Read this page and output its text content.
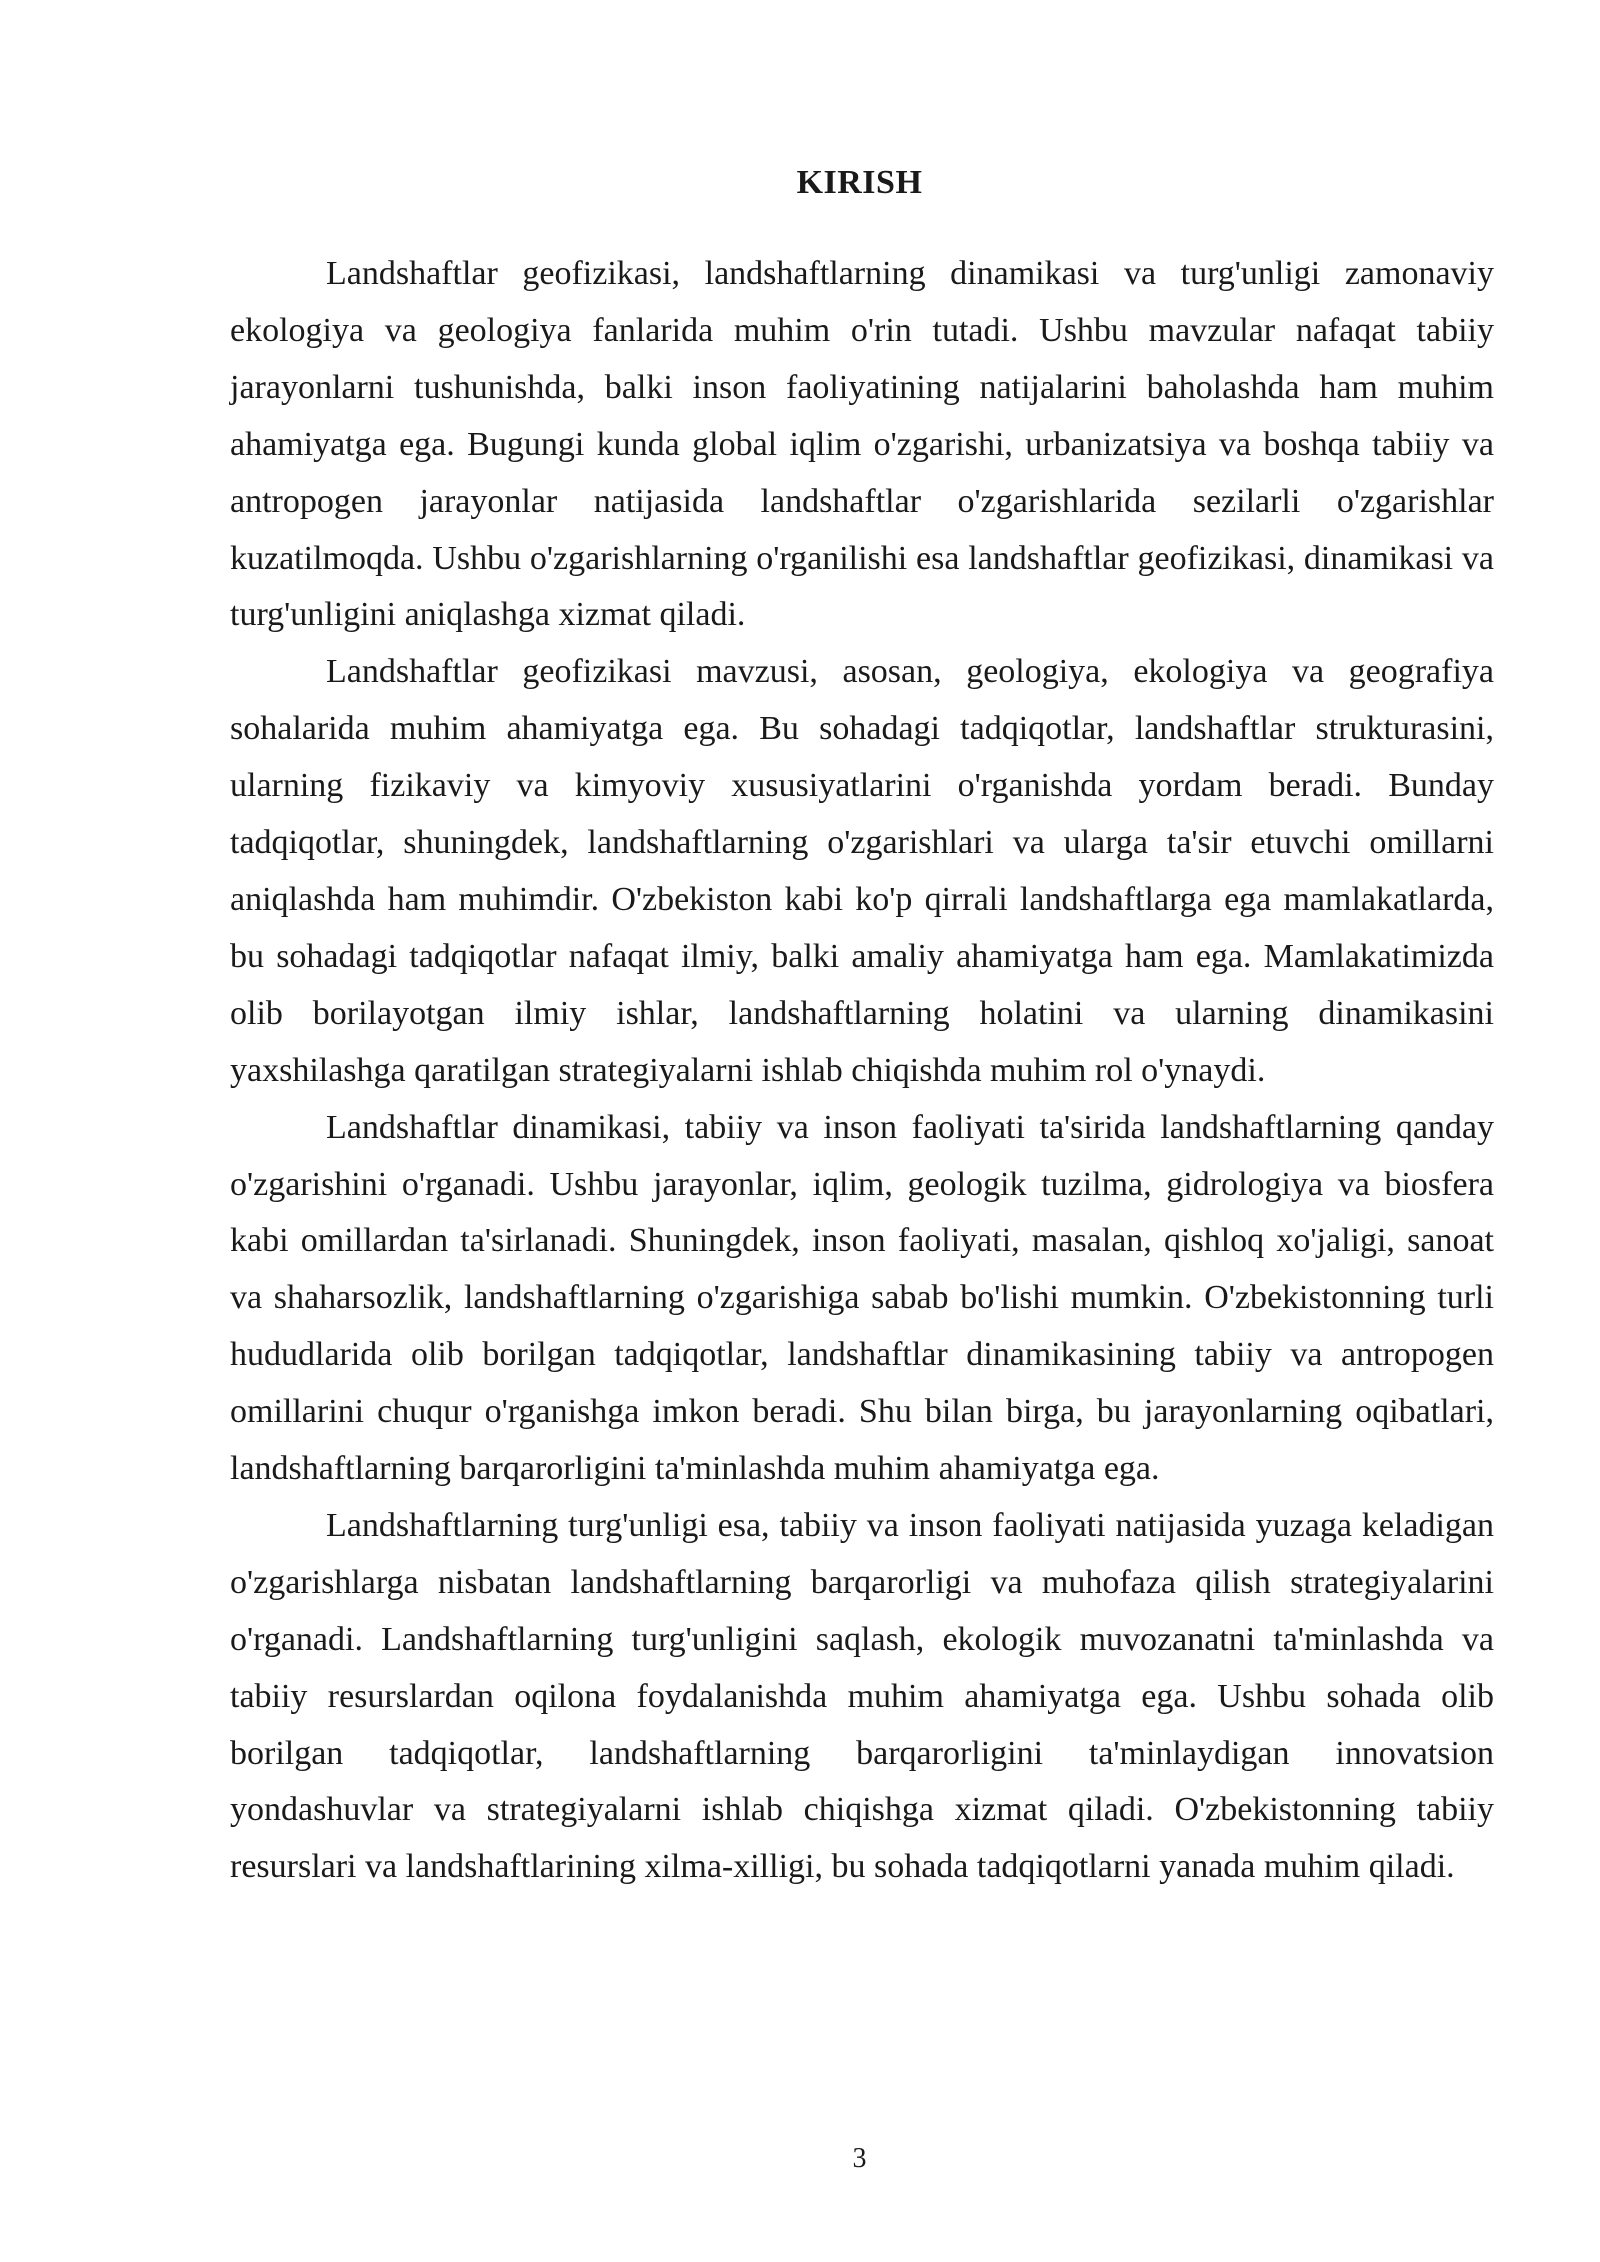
KIRISH

Landshaftlar geofizikasi, landshaftlarning dinamikasi va turg'unligi zamonaviy ekologiya va geologiya fanlarida muhim o'rin tutadi. Ushbu mavzular nafaqat tabiiy jarayonlarni tushunishda, balki inson faoliyatining natijalarini baholashda ham muhim ahamiyatga ega. Bugungi kunda global iqlim o'zgarishi, urbanizatsiya va boshqa tabiiy va antropogen jarayonlar natijasida landshaftlar o'zgarishlarida sezilarli o'zgarishlar kuzatilmoqda. Ushbu o'zgarishlarning o'rganilishi esa landshaftlar geofizikasi, dinamikasi va turg'unligini aniqlashga xizmat qiladi.

Landshaftlar geofizikasi mavzusi, asosan, geologiya, ekologiya va geografiya sohalarida muhim ahamiyatga ega. Bu sohadagi tadqiqotlar, landshaftlar strukturasini, ularning fizikaviy va kimyoviy xususiyatlarini o'rganishda yordam beradi. Bunday tadqiqotlar, shuningdek, landshaftlarning o'zgarishlari va ularga ta'sir etuvchi omillarni aniqlashda ham muhimdir. O'zbekiston kabi ko'p qirrali landshaftlarga ega mamlakatlarda, bu sohadagi tadqiqotlar nafaqat ilmiy, balki amaliy ahamiyatga ham ega. Mamlakatimizda olib borilayotgan ilmiy ishlar, landshaftlarning holatini va ularning dinamikasini yaxshilashga qaratilgan strategiyalarni ishlab chiqishda muhim rol o'ynaydi.

Landshaftlar dinamikasi, tabiiy va inson faoliyati ta'sirida landshaftlarning qanday o'zgarishini o'rganadi. Ushbu jarayonlar, iqlim, geologik tuzilma, gidrologiya va biosfera kabi omillardan ta'sirlanadi. Shuningdek, inson faoliyati, masalan, qishloq xo'jaligi, sanoat va shaharsozlik, landshaftlarning o'zgarishiga sabab bo'lishi mumkin. O'zbekistonning turli hududlarida olib borilgan tadqiqotlar, landshaftlar dinamikasining tabiiy va antropogen omillarini chuqur o'rganishga imkon beradi. Shu bilan birga, bu jarayonlarning oqibatlari, landshaftlarning barqarorligini ta'minlashda muhim ahamiyatga ega.

Landshaftlarning turg'unligi esa, tabiiy va inson faoliyati natijasida yuzaga keladigan o'zgarishlarga nisbatan landshaftlarning barqarorligi va muhofaza qilish strategiyalarini o'rganadi. Landshaftlarning turg'unligini saqlash, ekologik muvozanatni ta'minlashda va tabiiy resurslardan oqilona foydalanishda muhim ahamiyatga ega. Ushbu sohada olib borilgan tadqiqotlar, landshaftlarning barqarorligini ta'minlaydigan innovatsion yondashuvlar va strategiyalarni ishlab chiqishga xizmat qiladi. O'zbekistonning tabiiy resurslari va landshaftlarining xilma-xilligi, bu sohada tadqiqotlarni yanada muhim qiladi.

3
